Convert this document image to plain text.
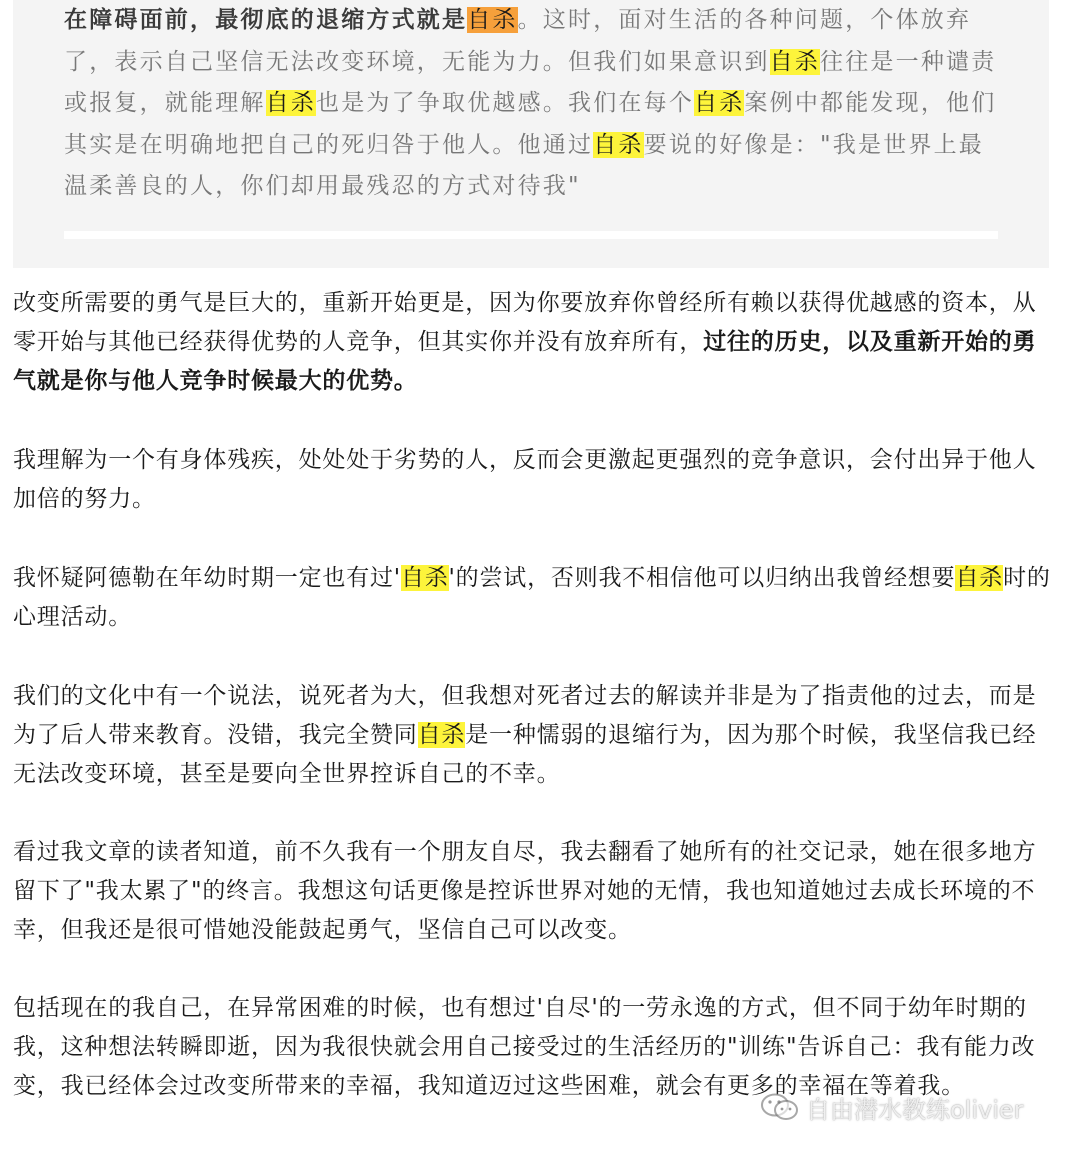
在障碍面前，最彻底的退缩方式就是自杀。这时，面对生活的各种问题，个体放弃了，表示自己坚信无法改变环境，无能为力。但我们如果意识到自杀往往是一种谴责或报复，就能理解自杀也是为了争取优越感。我们在每个自杀案例中都能发现，他们其实是在明确地把自己的死归咎于他人。他通过自杀要说的好像是："我是世界上最温柔善良的人，你们却用最残忍的方式对待我"

改变所需要的勇气是巨大的，重新开始更是，因为你要放弃你曾经所有赖以获得优越感的资本，从零开始与其他已经获得优势的人竞争，但其实你并没有放弃所有，过往的历史，以及重新开始的勇气就是你与他人竞争时候最大的优势。

我理解为一个有身体残疾，处处处于劣势的人，反而会更激起更强烈的竞争意识，会付出异于他人加倍的努力。

我怀疑阿德勒在年幼时期一定也有过'自杀'的尝试，否则我不相信他可以归纳出我曾经想要自杀时的心理活动。

我们的文化中有一个说法，说死者为大，但我想对死者过去的解读并非是为了指责他的过去，而是为了后人带来教育。没错，我完全赞同自杀是一种懦弱的退缩行为，因为那个时候，我坚信我已经无法改变环境，甚至是要向全世界控诉自己的不幸。

看过我文章的读者知道，前不久我有一个朋友自尽，我去翻看了她所有的社交记录，她在很多地方留下了"我太累了"的终言。我想这句话更像是控诉世界对她的无情，我也知道她过去成长环境的不幸，但我还是很可惜她没能鼓起勇气，坚信自己可以改变。

包括现在的我自己，在异常困难的时候，也有想过'自尽'的一劳永逸的方式，但不同于幼年时期的我，这种想法转瞬即逝，因为我很快就会用自己接受过的生活经历的"训练"告诉自己：我有能力改变，我已经体会过改变所带来的幸福，我知道迈过这些困难，就会有更多的幸福在等着我。

自由潜水教练olivier
